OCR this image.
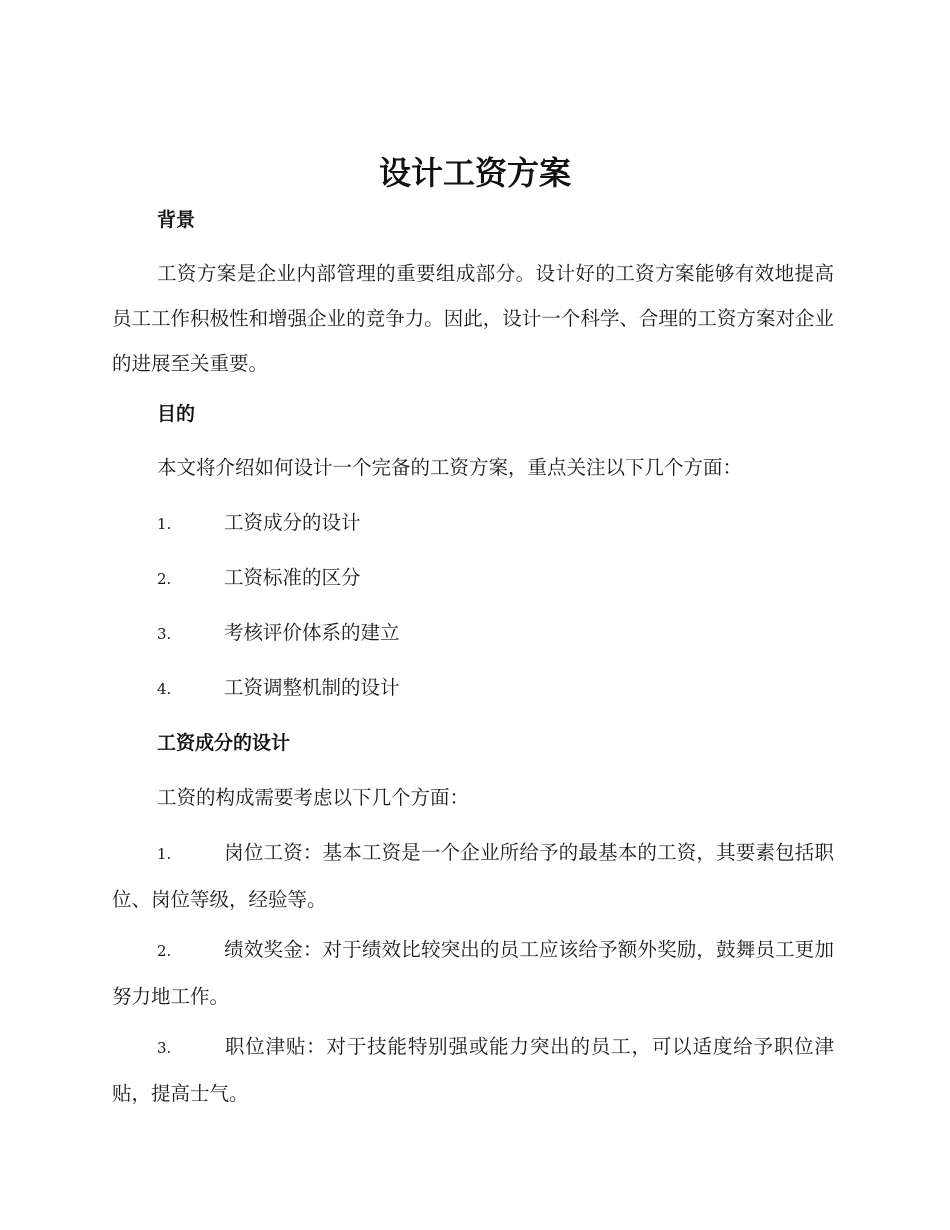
设计工资方案
背景

工资方案是企业内部管理的重要组成部分。设计好的工资方案能够有效地提高员工工作积极性和增强企业的竞争力。因此，设计一个科学、合理的工资方案对企业的进展至关重要。

目的

本文将介绍如何设计一个完备的工资方案，重点关注以下几个方面：

1.	工资成分的设计

2.	工资标准的区分

3.	考核评价体系的建立

4.	工资调整机制的设计

工资成分的设计

工资的构成需要考虑以下几个方面：

1.	岗位工资：基本工资是一个企业所给予的最基本的工资，其要素包括职位、岗位等级，经验等。

2.	绩效奖金：对于绩效比较突出的员工应该给予额外奖励，鼓舞员工更加努力地工作。

3.	职位津贴：对于技能特别强或能力突出的员工，可以适度给予职位津贴，提高士气。
